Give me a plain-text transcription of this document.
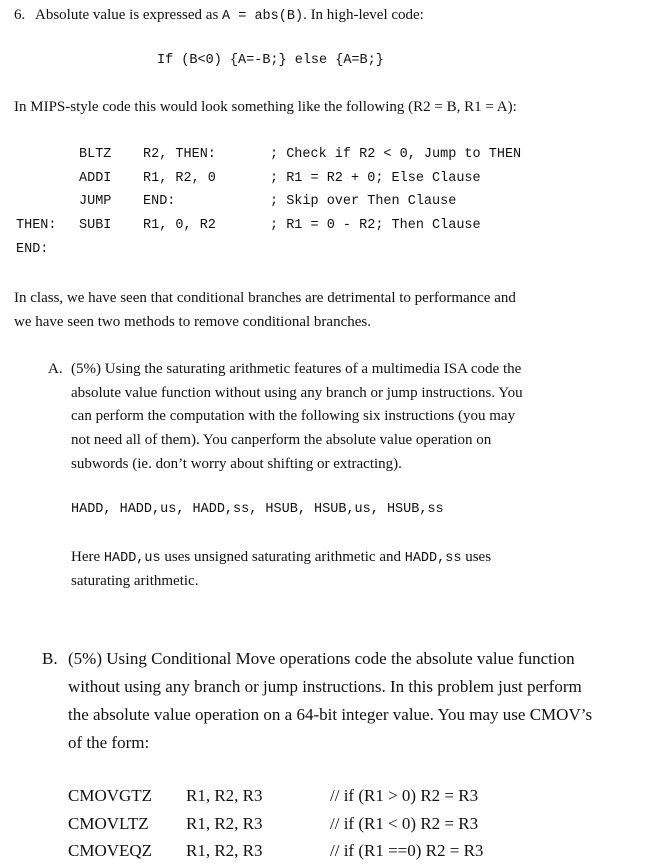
6. Absolute value is expressed as A = abs(B). In high-level code:
If (B<0) {A=-B;} else {A=B;}
In MIPS-style code this would look something like the following (R2 = B, R1 = A):
BLTZ R2, THEN:	; Check if R2 < 0, Jump to THEN
ADDI R1, R2, 0	; R1 = R2 + 0; Else Clause
JUMP END:	; Skip over Then Clause
THEN: SUBI R1, 0, R2	; R1 = 0 - R2; Then Clause
END:
In class, we have seen that conditional branches are detrimental to performance and
we have seen two methods to remove conditional branches.
A. (5%) Using the saturating arithmetic features of a multimedia ISA code the
absolute value function without using any branch or jump instructions. You
can perform the computation with the following six instructions (you may
not need all of them). You canperform the absolute value operation on
subwords (ie. don’t worry about shifting or extracting).
HADD, HADD,us, HADD,ss, HSUB, HSUB,us, HSUB,ss
Here HADD,us uses unsigned saturating arithmetic and HADD,ss uses
saturating arithmetic.
B. (5%) Using Conditional Move operations code the absolute value function
without using any branch or jump instructions. In this problem just perform
the absolute value operation on a 64-bit integer value. You may use CMOV’s
of the form:
CMOVGTZ R1, R2, R3	// if (R1 > 0) R2 = R3
CMOVLTZ R1, R2, R3	// if (R1 < 0) R2 = R3
CMOVEQZ R1, R2, R3	// if (R1 ==0) R2 = R3
